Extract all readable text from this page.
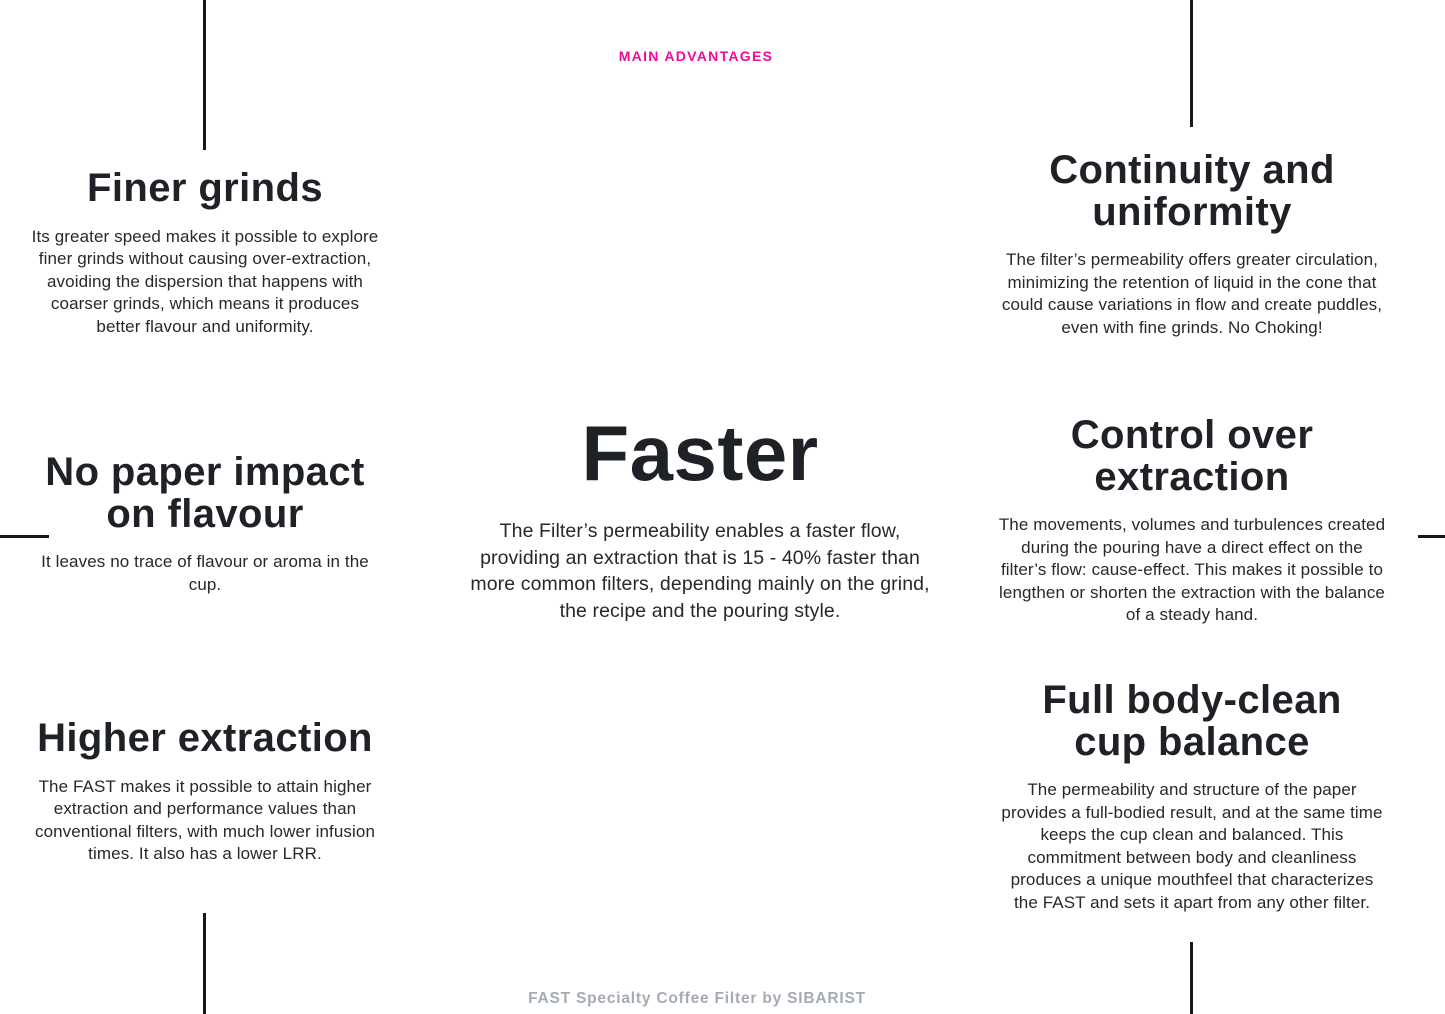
MAIN ADVANTAGES
Finer grinds
Its greater speed makes it possible to explore finer grinds without causing over-extraction, avoiding the dispersion that happens with coarser grinds, which means it produces better flavour and uniformity.
No paper impact on flavour
It leaves no trace of flavour or aroma in the cup.
Higher extraction
The FAST makes it possible to attain higher extraction and performance values than conventional filters, with much lower infusion times. It also has a lower LRR.
Faster
The Filter’s permeability enables a faster flow, providing an extraction that is 15 - 40% faster than more common filters, depending mainly on the grind, the recipe and the pouring style.
Continuity and uniformity
The filter’s permeability offers greater circulation, minimizing the retention of liquid in the cone that could cause variations in flow and create puddles, even with fine grinds. No Choking!
Control over extraction
The movements, volumes and turbulences created during the pouring have a direct effect on the filter’s flow: cause-effect. This makes it possible to lengthen or shorten the extraction with the balance of a steady hand.
Full body-clean cup balance
The permeability and structure of the paper provides a full-bodied result, and at the same time keeps the cup clean and balanced. This commitment between body and cleanliness produces a unique mouthfeel that characterizes the FAST and sets it apart from any other filter.
FAST Specialty Coffee Filter by SIBARIST
